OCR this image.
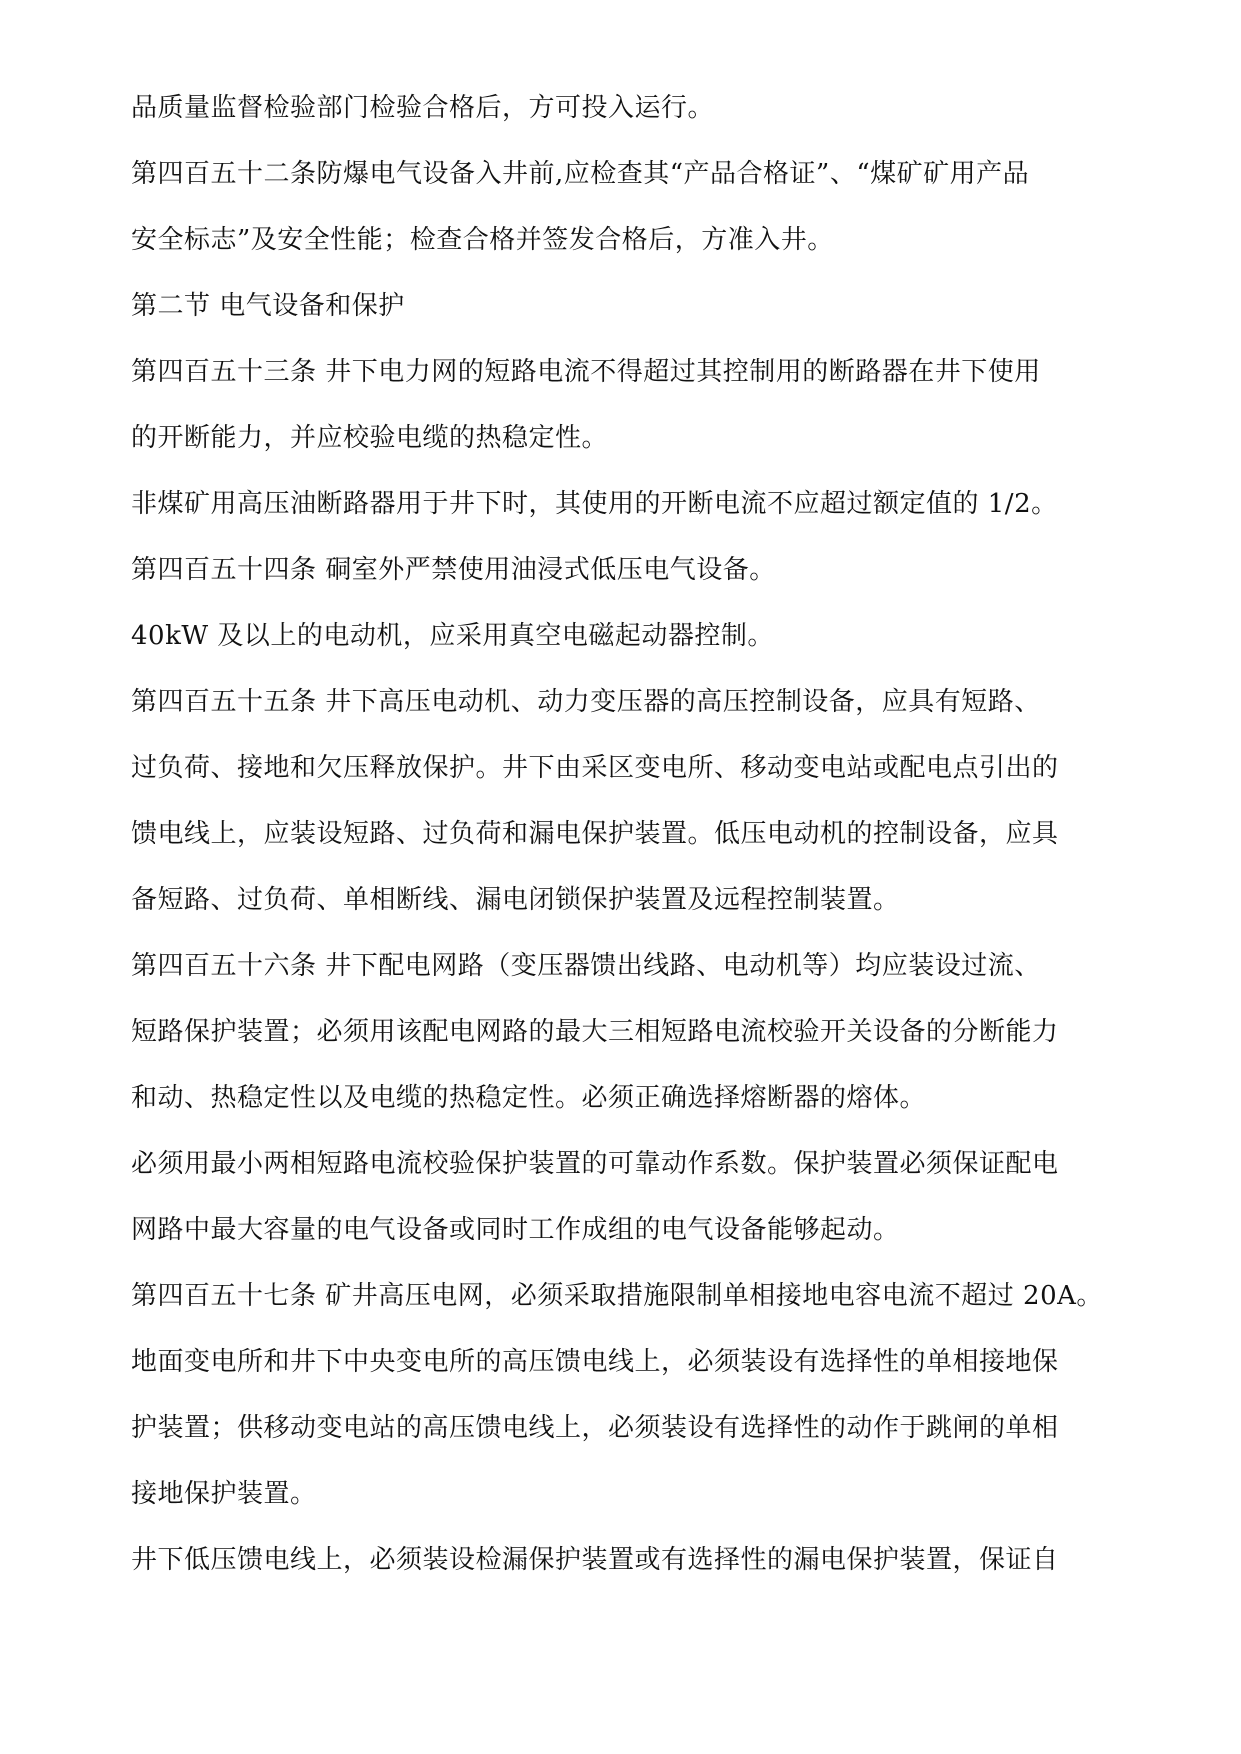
品质量监督检验部门检验合格后，方可投入运行。

第四百五十二条防爆电气设备入井前,应检查其“产品合格证”、“煤矿矿用产品

安全标志”及安全性能；检查合格并签发合格后，方准入井。

第二节 电气设备和保护

第四百五十三条 井下电力网的短路电流不得超过其控制用的断路器在井下使用

的开断能力，并应校验电缆的热稳定性。

非煤矿用高压油断路器用于井下时，其使用的开断电流不应超过额定值的 1/2。

第四百五十四条 硐室外严禁使用油浸式低压电气设备。

40kW 及以上的电动机，应采用真空电磁起动器控制。

第四百五十五条 井下高压电动机、动力变压器的高压控制设备，应具有短路、

过负荷、接地和欠压释放保护。井下由采区变电所、移动变电站或配电点引出的

馈电线上，应装设短路、过负荷和漏电保护装置。低压电动机的控制设备，应具

备短路、过负荷、单相断线、漏电闭锁保护装置及远程控制装置。

第四百五十六条 井下配电网路（变压器馈出线路、电动机等）均应装设过流、

短路保护装置；必须用该配电网路的最大三相短路电流校验开关设备的分断能力

和动、热稳定性以及电缆的热稳定性。必须正确选择熔断器的熔体。

必须用最小两相短路电流校验保护装置的可靠动作系数。保护装置必须保证配电

网路中最大容量的电气设备或同时工作成组的电气设备能够起动。

第四百五十七条 矿井高压电网，必须采取措施限制单相接地电容电流不超过 20A。

地面变电所和井下中央变电所的高压馈电线上，必须装设有选择性的单相接地保

护装置；供移动变电站的高压馈电线上，必须装设有选择性的动作于跳闸的单相

接地保护装置。

井下低压馈电线上，必须装设检漏保护装置或有选择性的漏电保护装置，保证自
